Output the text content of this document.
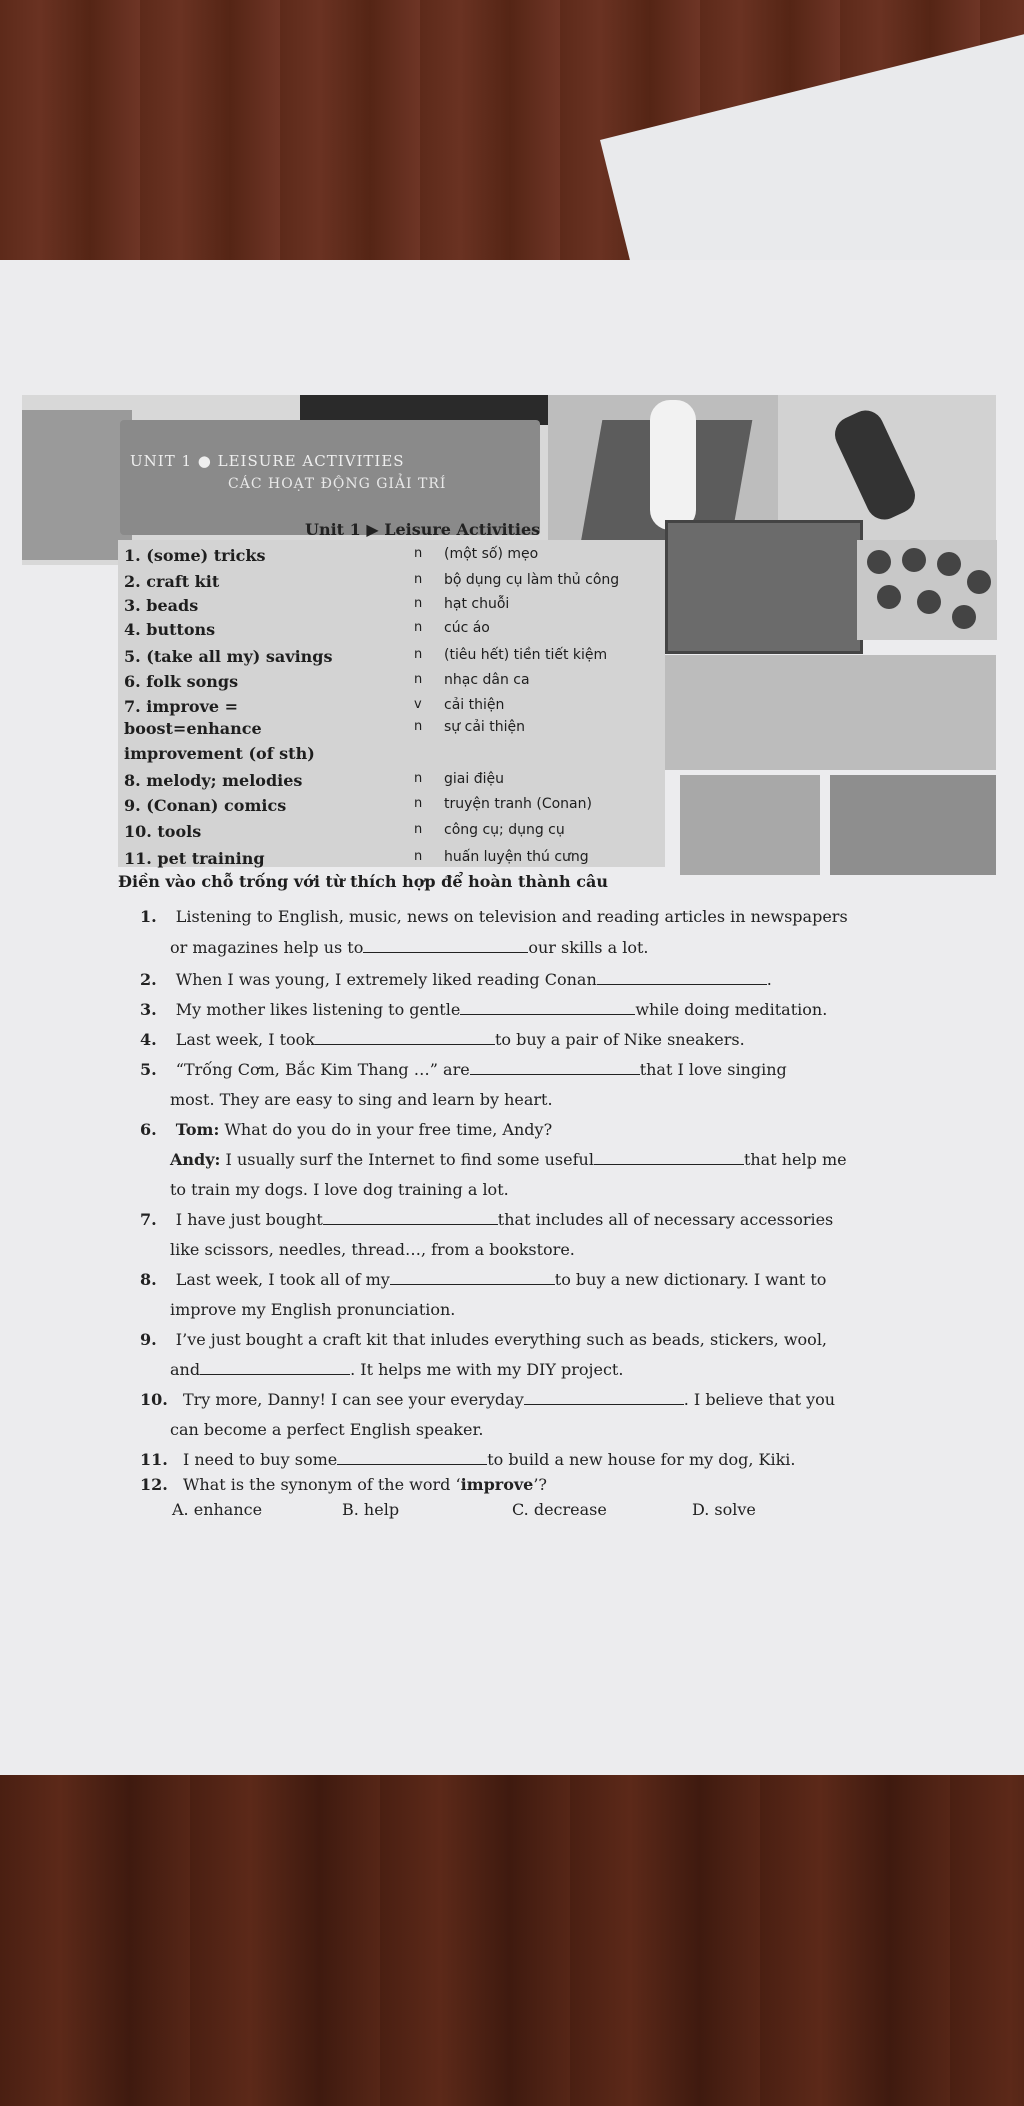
UNIT 1 ● LEISURE ACTIVITIES
CÁC HOẠT ĐỘNG GIẢI TRÍ
Unit 1 ▶ Leisure Activities
1. (some) tricks	n (một số) mẹo
2. craft kit	n bộ dụng cụ làm thủ công
3. beads	n hạt chuỗi
4. buttons	n cúc áo
5. (take all my) savings	n (tiêu hết) tiền tiết kiệm
6. folk songs	n nhạc dân ca
7. improve =	v cải thiện
boost=enhance	n sự cải thiện
improvement (of sth)
8. melody; melodies	n giai điệu
9. (Conan) comics	n truyện tranh (Conan)
10. tools	n công cụ; dụng cụ
11. pet training	n huấn luyện thú cưng
Điền vào chỗ trống với từ thích hợp để hoàn thành câu
1. Listening to English, music, news on television and reading articles in newspapers
or magazines help us to	our skills a lot.
2. When I was young, I extremely liked reading Conan	.
3. My mother likes listening to gentle	while doing meditation.
4. Last week, I took	to buy a pair of Nike sneakers.
5. “Trống Cơm, Bắc Kim Thang …” are	that I love singing
most. They are easy to sing and learn by heart.
6. Tom: What do you do in your free time, Andy?
Andy: I usually surf the Internet to find some useful	that help me
to train my dogs. I love dog training a lot.
7. I have just bought	that includes all of necessary accessories
like scissors, needles, thread…, from a bookstore.
8. Last week, I took all of my	to buy a new dictionary. I want to
improve my English pronunciation.
9. I’ve just bought a craft kit that inludes everything such as beads, stickers, wool,
and	. It helps me with my DIY project.
10. Try more, Danny! I can see your everyday	. I believe that you
can become a perfect English speaker.
11. I need to buy some	to build a new house for my dog, Kiki.
12. What is the synonym of the word ‘improve’?
A. enhance	B. help	C. decrease	D. solve
